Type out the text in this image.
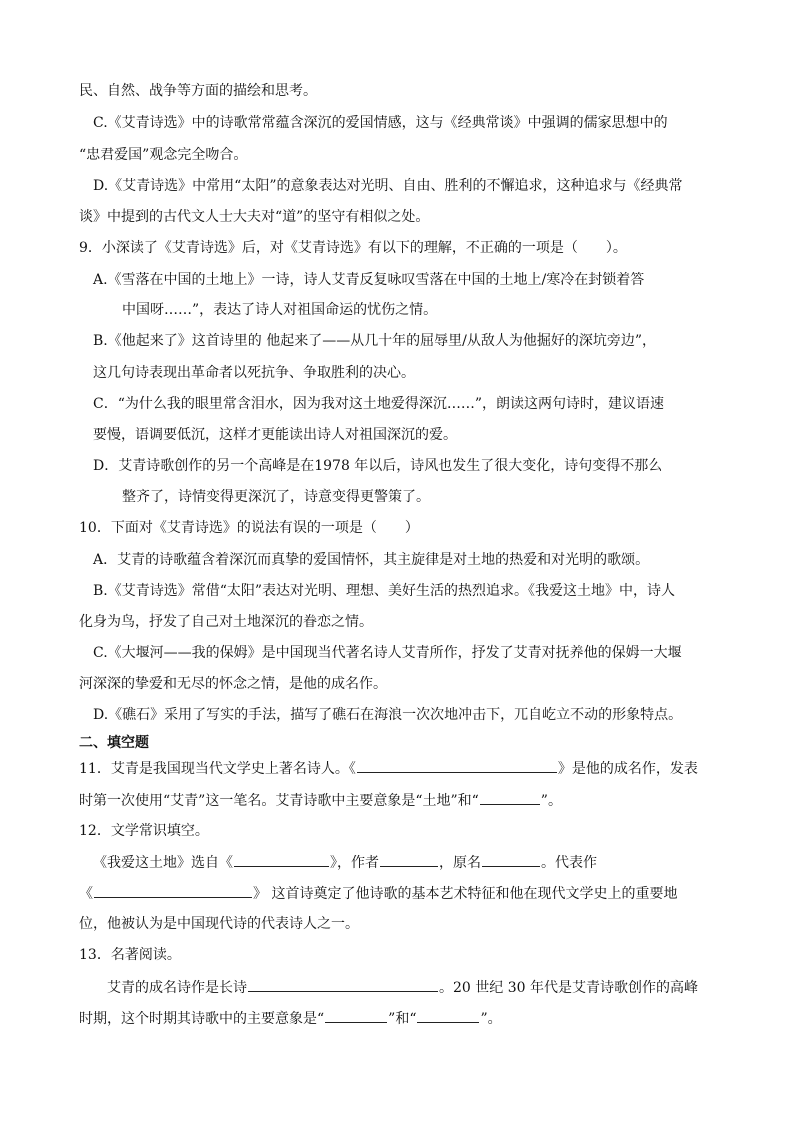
民、自然、战争等方面的描绘和思考。
C.《艾青诗选》中的诗歌常常蕴含深沉的爱国情感，这与《经典常谈》中强调的儒家思想中的
“忠君爱国”观念完全吻合。
D.《艾青诗选》中常用“太阳”的意象表达对光明、自由、胜利的不懈追求，这种追求与《经典常
谈》中提到的古代文人士大夫对“道”的坚守有相似之处。
9．小深读了《艾青诗选》后，对《艾青诗选》有以下的理解，不正确的一项是（　　）。
A.《雪落在中国的土地上》一诗，诗人艾青反复咏叹雪落在中国的土地上/寒冷在封锁着答
中国呀……”，表达了诗人对祖国命运的忧伤之情。
B.《他起来了》这首诗里的 他起来了——从几十年的屈辱里/从敌人为他掘好的深坑旁边”，
这几句诗表现出革命者以死抗争、争取胜利的决心。
C．“为什么我的眼里常含泪水，因为我对这土地爱得深沉……”，朗读这两句诗时，建议语速
要慢，语调要低沉，这样才更能读出诗人对祖国深沉的爱。
D．艾青诗歌创作的另一个高峰是在1978 年以后，诗风也发生了很大变化，诗句变得不那么
整齐了，诗情变得更深沉了，诗意变得更警策了。
10．下面对《艾青诗选》的说法有误的一项是（　　）
A．艾青的诗歌蕴含着深沉而真挚的爱国情怀，其主旋律是对土地的热爱和对光明的歌颂。
B.《艾青诗选》常借“太阳”表达对光明、理想、美好生活的热烈追求。《我爱这土地》中，诗人
化身为鸟，抒发了自己对土地深沉的眷恋之情。
C.《大堰河——我的保姆》是中国现当代著名诗人艾青所作，抒发了艾青对抚养他的保姆一大堰
河深深的挚爱和无尽的怀念之情，是他的成名作。
D.《礁石》采用了写实的手法，描写了礁石在海浪一次次地冲击下，兀自屹立不动的形象特点。
二、填空题
11．艾青是我国现当代文学史上著名诗人。《	》是他的成名作，发表
时第一次使用“艾青”这一笔名。艾青诗歌中主要意象是“土地”和“	”。
12．文学常识填空。
《我爱这土地》选自《	》，作者	，原名	。代表作
《	》 这首诗奠定了他诗歌的基本艺术特征和他在现代文学史上的重要地
位，他被认为是中国现代诗的代表诗人之一。
13．名著阅读。
艾青的成名诗作是长诗	。20 世纪 30 年代是艾青诗歌创作的高峰
时期，这个时期其诗歌中的主要意象是“	”和“	”。
